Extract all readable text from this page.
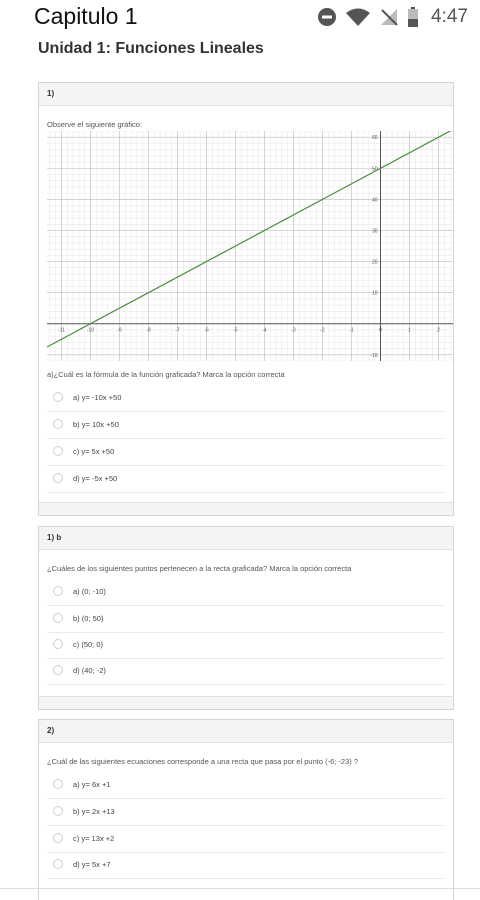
Capitulo 1	4:47
Unidad 1: Funciones Lineales
1)
Observe el siguiente gráfico:
-11	-10	-9	-8	-7	-6	-5	-4	-3	-2	-1	0	1	2
-10
10
20
30
40
50
60
a)¿Cuál es la fórmula de la función graficada? Marca la opción correcta
a) y= -10x +50
b) y= 10x +50
c) y= 5x +50
d) y= -5x +50
1) b
¿Cuáles de los siguientes puntos pertenecen a la recta graficada? Marca la opción correcta
a) (0; -10)
b) (0; 50)
c) (50; 0)
d) (40; -2)
2)
¿Cuál de las siguientes ecuaciones corresponde a una recta que pasa por el punto (-6; -23) ?
a) y= 6x +1
b) y= 2x +13
c) y= 13x +2
d) y= 5x +7
